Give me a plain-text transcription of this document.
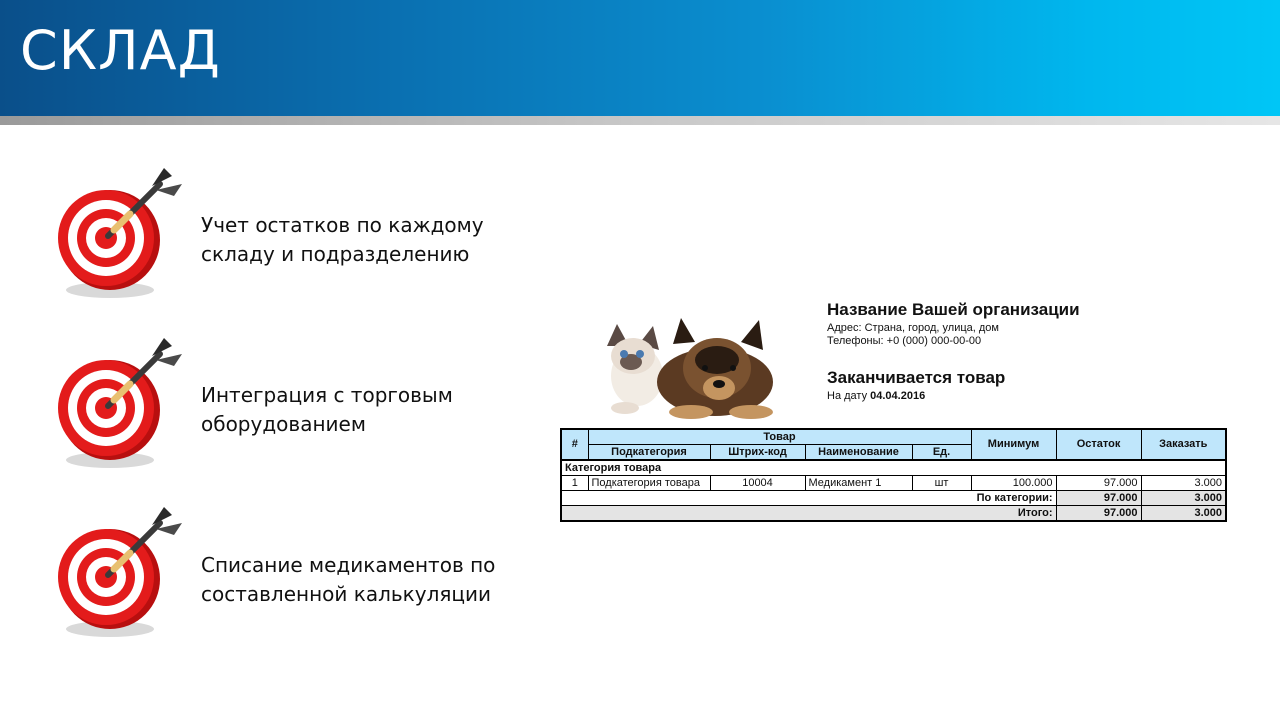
СКЛАД
Учет остатков по каждому
складу и подразделению
Интеграция с торговым
оборудованием
Списание медикаментов по
составленной калькуляции
Название Вашей организации
Адрес: Страна, город, улица, дом
Телефоны: +0 (000) 000-00-00
Заканчивается товар
На дату 04.04.2016
#	Товар				Минимум	Остаток	Заказать
	Подкатегория	Штрих-код	Наименование	Ед.			
Категория товара							
1	Подкатегория товара	10004	Медикамент 1	шт	100.000	97.000	3.000
По категории:						97.000	3.000
Итого:						97.000	3.000
